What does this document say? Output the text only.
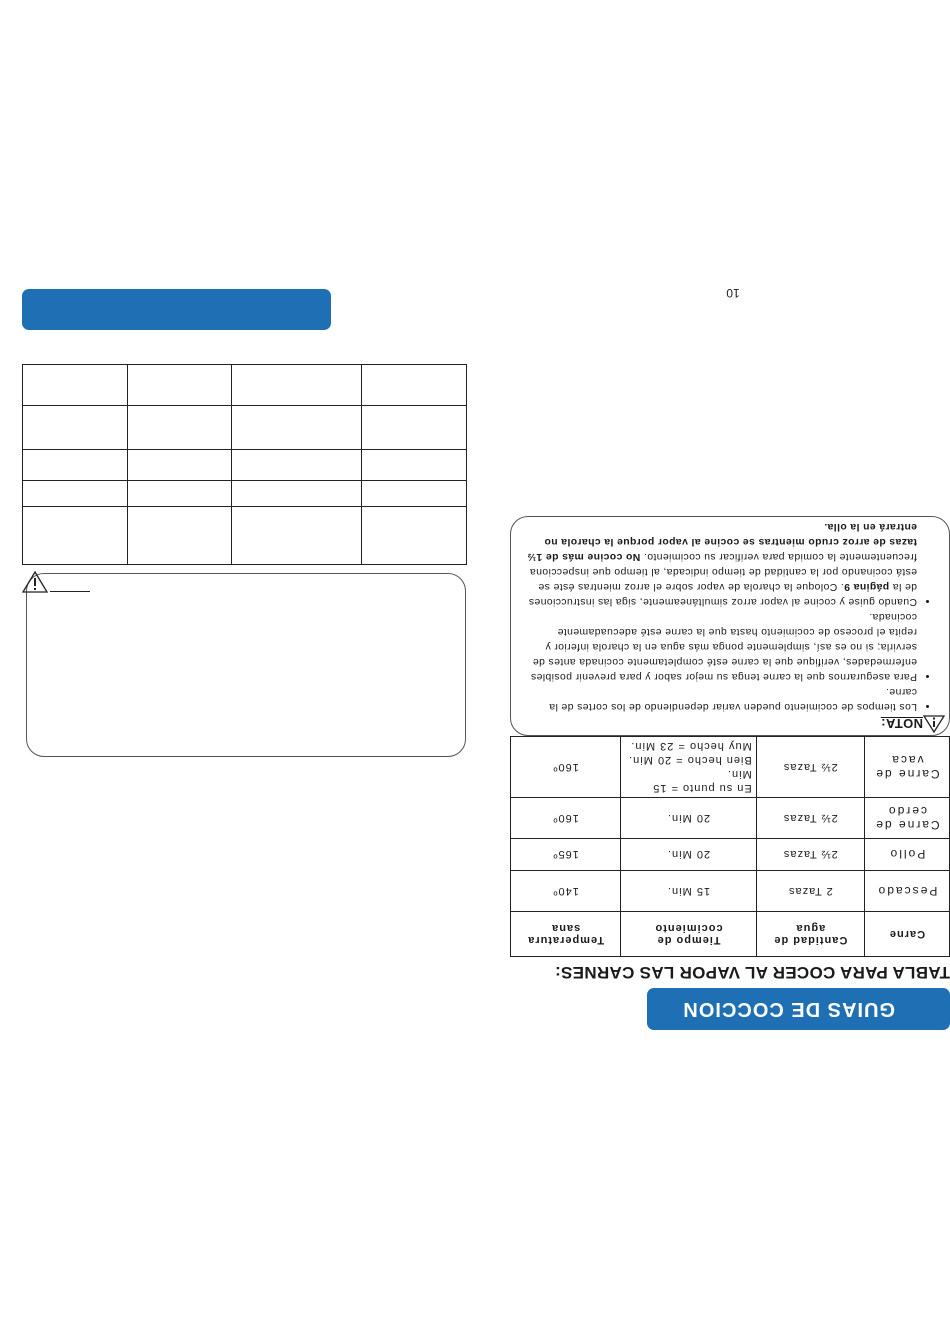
10
GUIAS DE COCCION
TABLA PARA COCER AL VAPOR LAS CARNES:
Carne	Cantidad de agua	Tiempo de cocimiento	Temperatura sana
Pescado	2 Tazas	15 Min.	140º
Pollo	2½ Tazas	20 Min.	165º
Carne de cerdo	2½ Tazas	20 Min.	160º
Carne de vaca	2½ Tazas	En su punto = 15 Min.
Bien hecho = 20 Min.
Muy hecho = 23 Min.	160º
NOTA:
• Los tiempos de cocimiento pueden variar dependiendo de los cortes de la carne.
• Para asegurarnos que la carne tenga su mejor sabor y para prevenir posibles enfermedades, verifique que la carne esté completamente cocinada antes de servirla; si no es así, simplemente ponga más agua en la charola inferior y repita el proceso de cocimiento hasta que la carne esté adecuadamente cocinada.
• Cuando guise y cocine al vapor arroz simultáneamente, siga las instrucciones de la página 9. Coloque la charola de vapor sobre el arroz mientras éste se está cocinando por la cantidad de tiempo indicada, al tiempo que inspecciona frecuentemente la comida para verificar su cocimiento. No cocine más de 1½ tazas de arroz crudo mientras se cocine al vapor porque la charola no entrará en la olla.
